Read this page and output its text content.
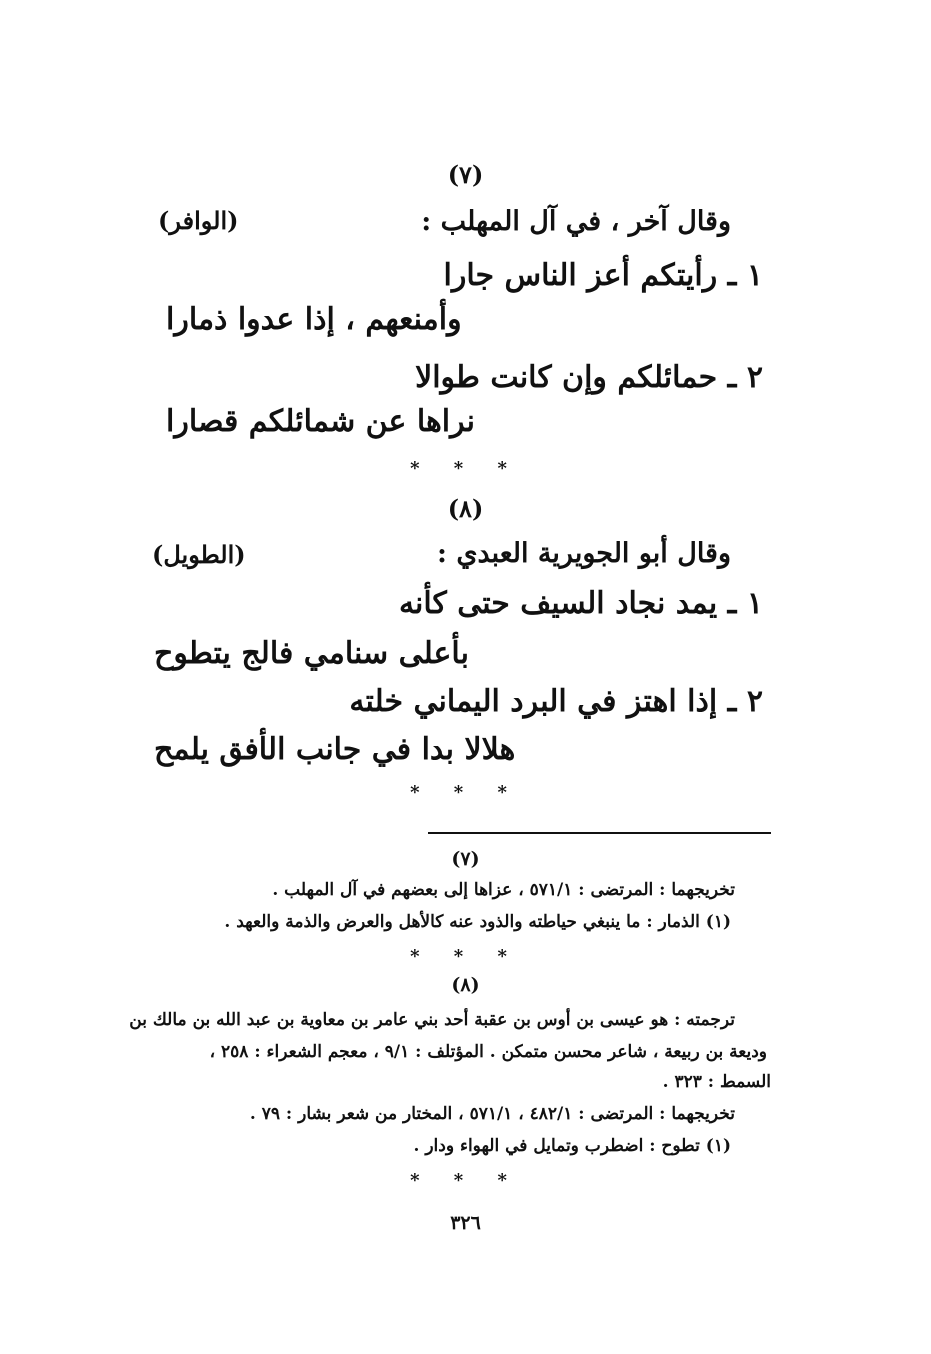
(٧)
وقال آخر ، في آل المهلب :
(الوافر)
١ ـ رأيتكم أعز الناس جارا
وأمنعهم ، إذا عدوا ذمارا
٢ ـ حمائلكم وإن كانت طوالا
نراها عن شمائلكم قصارا
* * *
(٨)
وقال أبو الجويرية العبدي :
(الطويل)
١ ـ يمد نجاد السيف حتى كأنه
بأعلى سنامي فالج يتطوح
٢ ـ إذا اهتز في البرد اليماني خلته
هلالا بدا في جانب الأفق يلمح
* * *
(٧)
تخريجهما : المرتضى : ٥٧١/١ ، عزاها إلى بعضهم في آل المهلب .
(١) الذمار : ما ينبغي حياطته والذود عنه كالأهل والعرض والذمة والعهد .
* * *
(٨)
ترجمته : هو عيسى بن أوس بن عقبة أحد بني عامر بن معاوية بن عبد الله بن مالك بن
وديعة بن ربيعة ، شاعر محسن متمكن . المؤتلف : ٩/١ ، معجم الشعراء : ٢٥٨ ،
السمط : ٣٢٣ .
تخريجهما : المرتضى : ٤٨٢/١ ، ٥٧١/١ ، المختار من شعر بشار : ٧٩ .
(١) تطوح : اضطرب وتمايل في الهواء ودار .
* * *
٣٢٦
